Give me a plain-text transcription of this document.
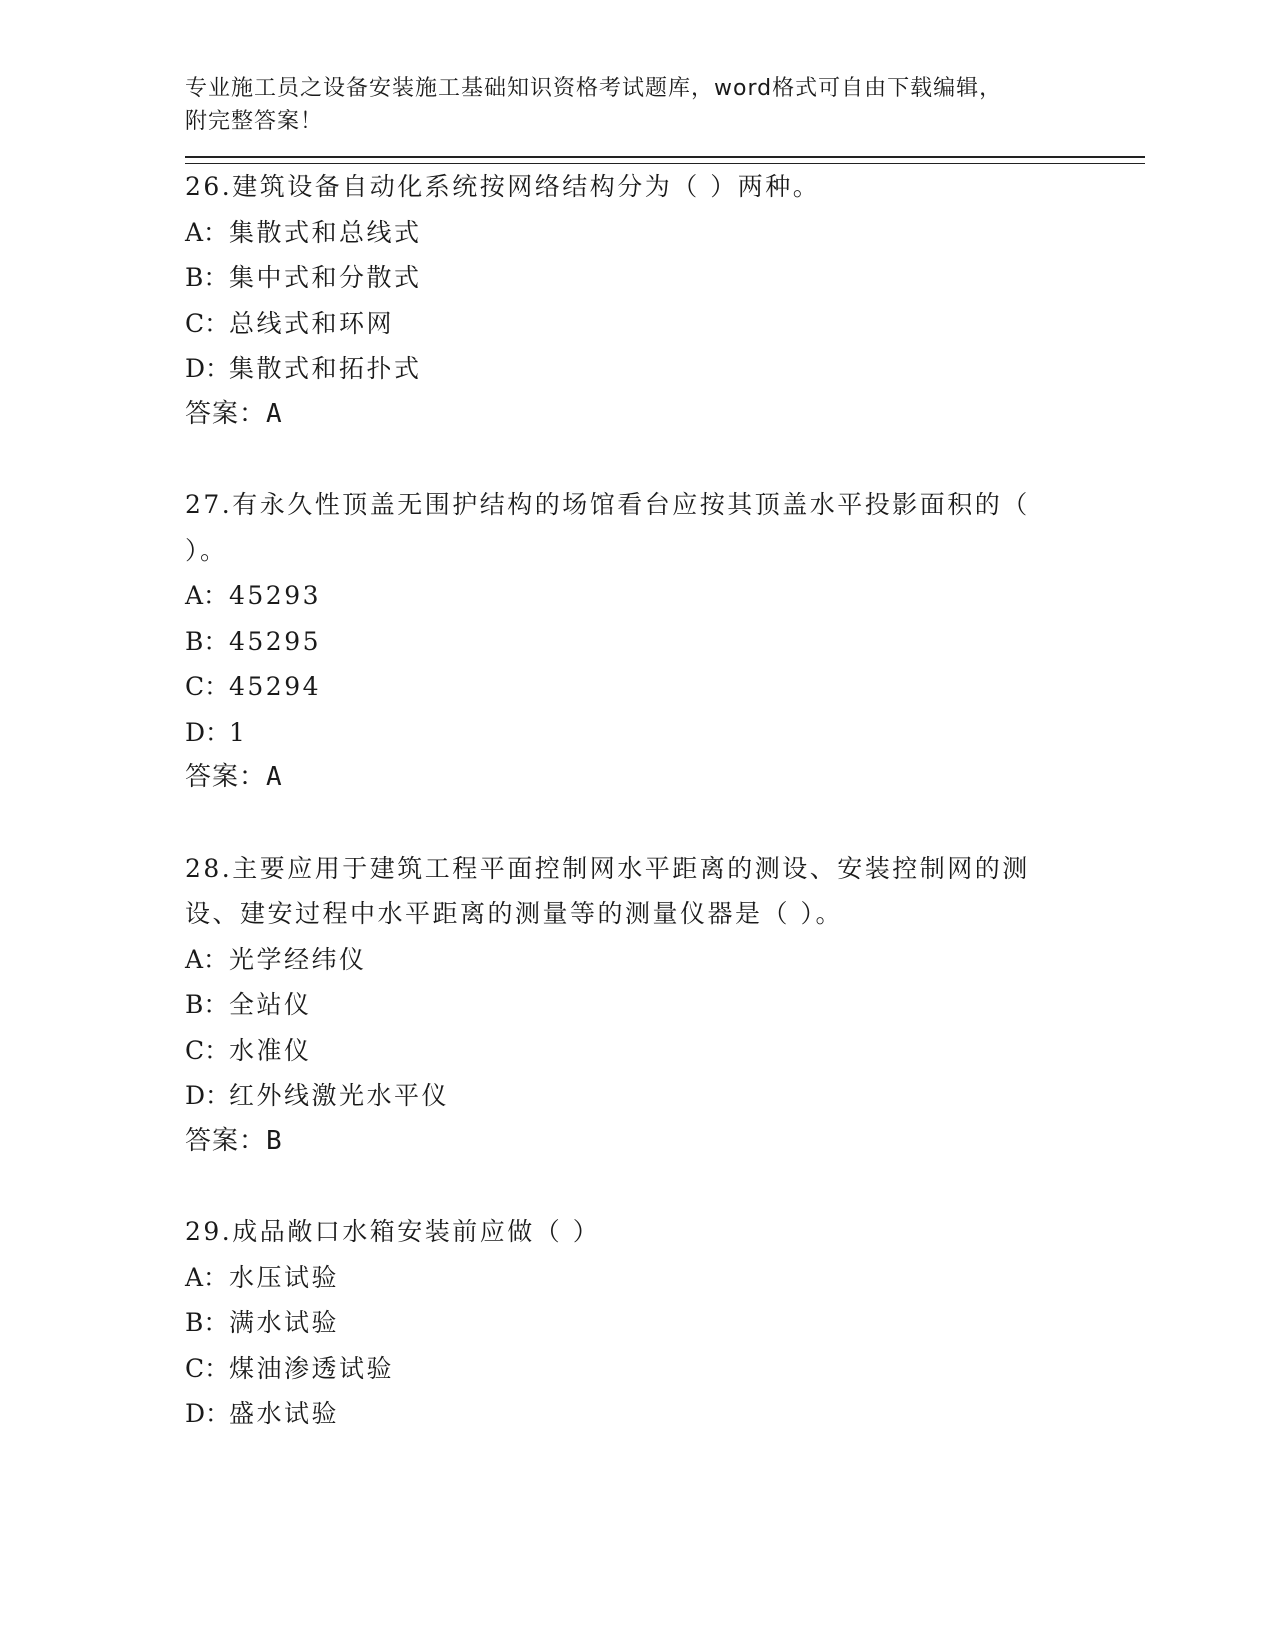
专业施工员之设备安装施工基础知识资格考试题库，word格式可自由下载编辑，
附完整答案！
26.建筑设备自动化系统按网络结构分为（ ）两种。
A：集散式和总线式
B：集中式和分散式
C：总线式和环网
D：集散式和拓扑式
答案：A
27.有永久性顶盖无围护结构的场馆看台应按其顶盖水平投影面积的（
）。
A：45293
B：45295
C：45294
D：1
答案：A
28.主要应用于建筑工程平面控制网水平距离的测设、安装控制网的测
设、建安过程中水平距离的测量等的测量仪器是（ ）。
A：光学经纬仪
B：全站仪
C：水准仪
D：红外线激光水平仪
答案：B
29.成品敞口水箱安装前应做（ ）
A：水压试验
B：满水试验
C：煤油渗透试验
D：盛水试验
